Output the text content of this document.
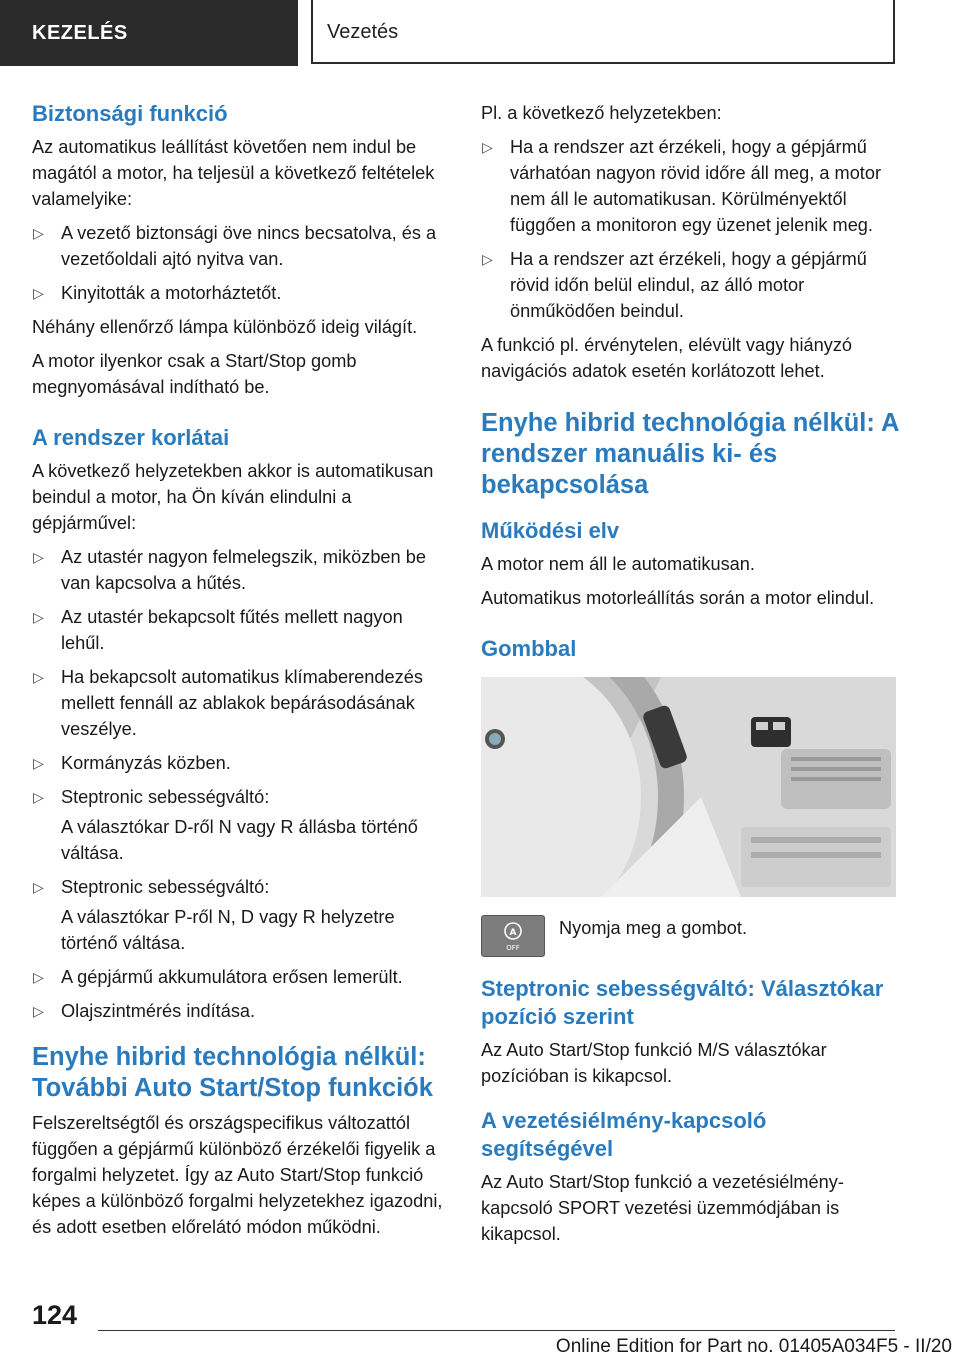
KEZELÉS	Vezetés
Biztonsági funkció

Az automatikus leállítást követően nem indul be magától a motor, ha teljesül a következő feltételek valamelyike:

▷ A vezető biztonsági öve nincs becsatolva, és a vezetőoldali ajtó nyitva van.
▷ Kinyitották a motorháztetőt.

Néhány ellenőrző lámpa különböző ideig világít.

A motor ilyenkor csak a Start/Stop gomb megnyomásával indítható be.

A rendszer korlátai

A következő helyzetekben akkor is automatikusan beindul a motor, ha Ön kíván elindulni a gépjárművel:

▷ Az utastér nagyon felmelegszik, miközben be van kapcsolva a hűtés.
▷ Az utastér bekapcsolt fűtés mellett nagyon lehűl.
▷ Ha bekapcsolt automatikus klímaberendezés mellett fennáll az ablakok bepárásodásának veszélye.
▷ Kormányzás közben.
▷ Steptronic sebességváltó:

A választókar D-ről N vagy R állásba történő váltása.

▷ Steptronic sebességváltó:

A választókar P-ről N, D vagy R helyzetre történő váltása.

▷ A gépjármű akkumulátora erősen lemerült.
▷ Olajszintmérés indítása.
Enyhe hibrid technológia nélkül: További Auto Start/Stop funkciók

Felszereltségtől és országspecifikus változattól függően a gépjármű különböző érzékelői figyelik a forgalmi helyzetet. Így az Auto Start/Stop funkció képes a különböző forgalmi helyzetekhez igazodni, és adott esetben előrelátó módon működni.

Pl. a következő helyzetekben:

▷ Ha a rendszer azt érzékeli, hogy a gépjármű várhatóan nagyon rövid időre áll meg, a motor nem áll le automatikusan. Körülményektől függően a monitoron egy üzenet jelenik meg.
▷ Ha a rendszer azt érzékeli, hogy a gépjármű rövid időn belül elindul, az álló motor önműködően beindul.

A funkció pl. érvénytelen, elévült vagy hiányzó navigációs adatok esetén korlátozott lehet.

Enyhe hibrid technológia nélkül: A rendszer manuális ki- és bekapcsolása
Működési elv

A motor nem áll le automatikusan.

Automatikus motorleállítás során a motor elindul.

Gombbal
A
OFF
Nyomja meg a gombot.
Steptronic sebességváltó: Választókar pozíció szerint

Az Auto Start/Stop funkció M/S választókar pozícióban is kikapcsol.

A vezetésiélmény-kapcsoló segítségével

Az Auto Start/Stop funkció a vezetésiélmény-kapcsoló SPORT vezetési üzemmódjában is kikapcsol.

124
Online Edition for Part no. 01405A034F5 - II/20
